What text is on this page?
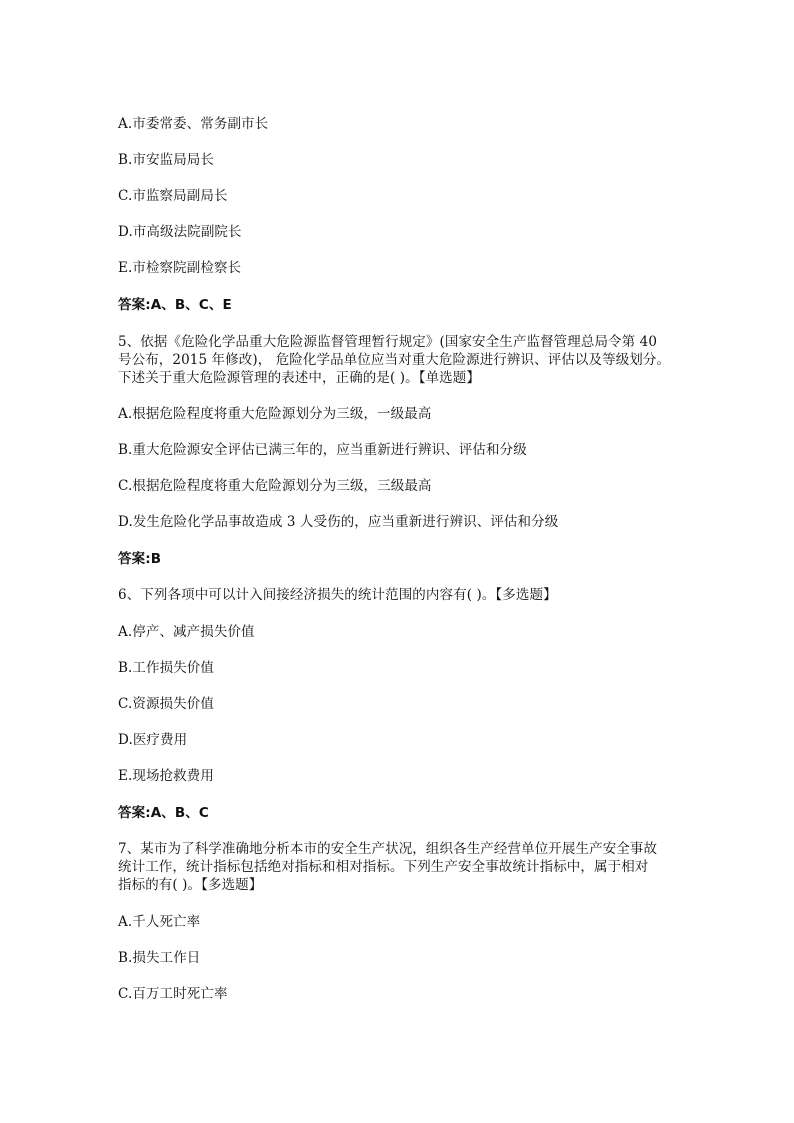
A.市委常委、常务副市长
B.市安监局局长
C.市监察局副局长
D.市高级法院副院长
E.市检察院副检察长
答案:A、B、C、E
5、依据《危险化学品重大危险源监督管理暂行规定》(国家安全生产监督管理总局令第 40
号公布，2015 年修改)， 危险化学品单位应当对重大危险源进行辨识、评估以及等级划分。
下述关于重大危险源管理的表述中，正确的是( )。【单选题】
A.根据危险程度将重大危险源划分为三级，一级最高
B.重大危险源安全评估已满三年的，应当重新进行辨识、评估和分级
C.根据危险程度将重大危险源划分为三级，三级最高
D.发生危险化学品事故造成 3 人受伤的，应当重新进行辨识、评估和分级
答案:B
6、下列各项中可以计入间接经济损失的统计范围的内容有( )。【多选题】
A.停产、减产损失价值
B.工作损失价值
C.资源损失价值
D.医疗费用
E.现场抢救费用
答案:A、B、C
7、某市为了科学准确地分析本市的安全生产状况，组织各生产经营单位开展生产安全事故
统计工作，统计指标包括绝对指标和相对指标。下列生产安全事故统计指标中，属于相对
指标的有( )。【多选题】
A.千人死亡率
B.损失工作日
C.百万工时死亡率
